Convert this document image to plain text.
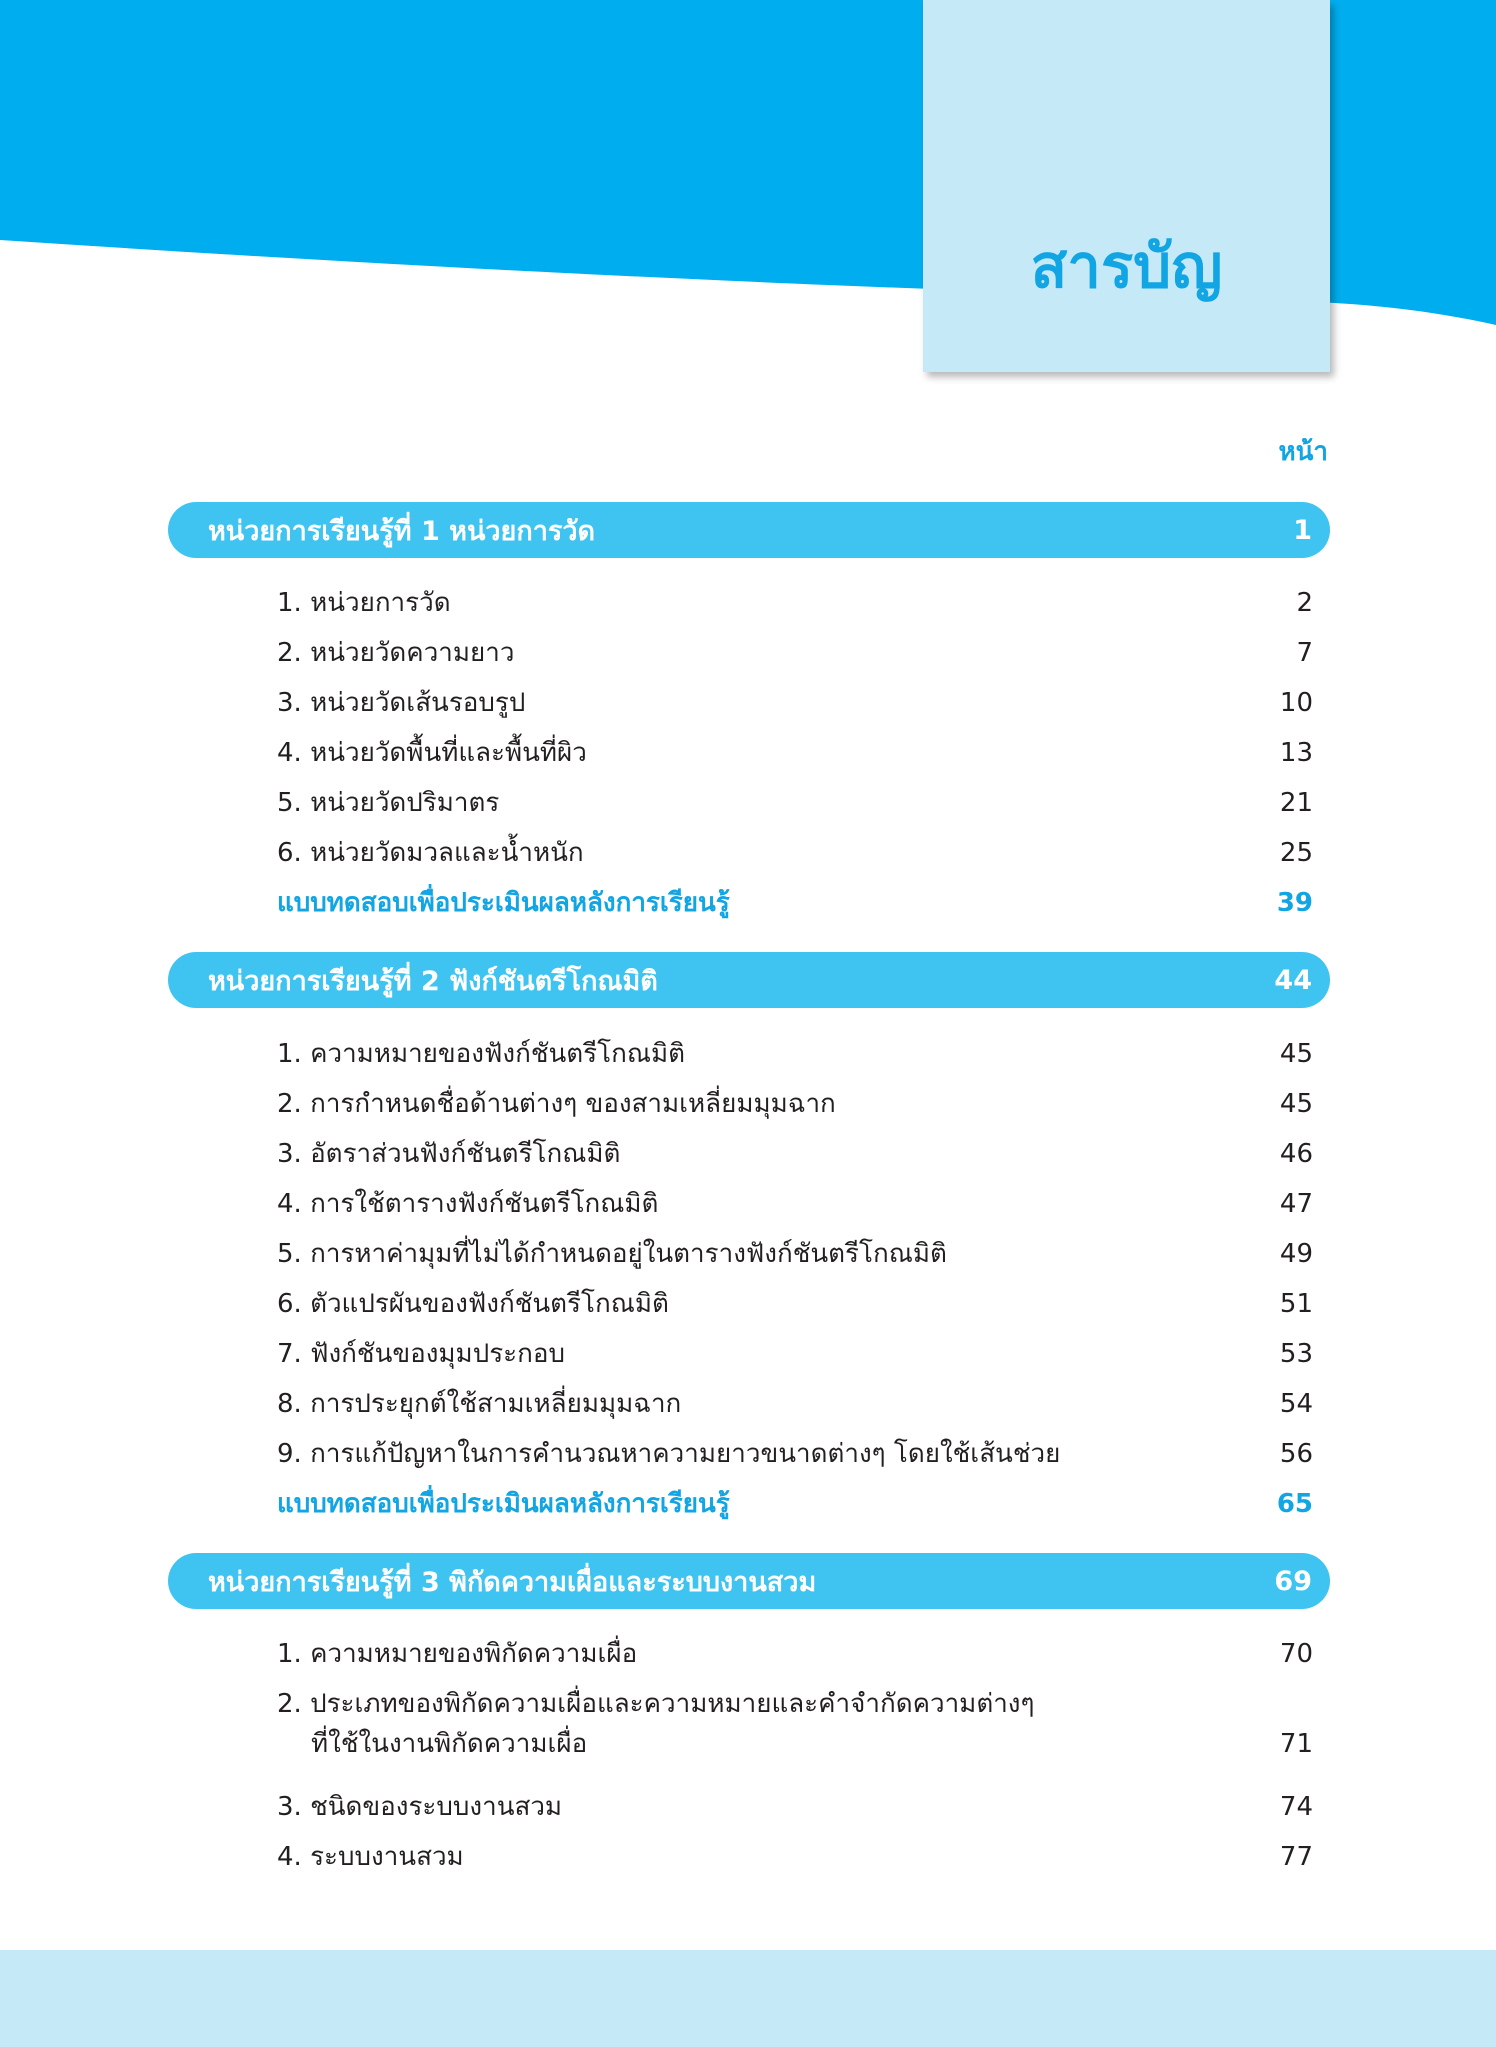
สารบัญ
หน้า
หน่วยการเรียนรู้ที่ 1 หน่วยการวัด	1
1. หน่วยการวัด	2
2. หน่วยวัดความยาว	7
3. หน่วยวัดเส้นรอบรูป	10
4. หน่วยวัดพื้นที่และพื้นที่ผิว	13
5. หน่วยวัดปริมาตร	21
6. หน่วยวัดมวลและน้ำหนัก	25
แบบทดสอบเพื่อประเมินผลหลังการเรียนรู้	39
หน่วยการเรียนรู้ที่ 2 ฟังก์ชันตรีโกณมิติ	44
1. ความหมายของฟังก์ชันตรีโกณมิติ	45
2. การกำหนดชื่อด้านต่างๆ ของสามเหลี่ยมมุมฉาก	45
3. อัตราส่วนฟังก์ชันตรีโกณมิติ	46
4. การใช้ตารางฟังก์ชันตรีโกณมิติ	47
5. การหาค่ามุมที่ไม่ได้กำหนดอยู่ในตารางฟังก์ชันตรีโกณมิติ	49
6. ตัวแปรผันของฟังก์ชันตรีโกณมิติ	51
7. ฟังก์ชันของมุมประกอบ	53
8. การประยุกต์ใช้สามเหลี่ยมมุมฉาก	54
9. การแก้ปัญหาในการคำนวณหาความยาวขนาดต่างๆ โดยใช้เส้นช่วย	56
แบบทดสอบเพื่อประเมินผลหลังการเรียนรู้	65
หน่วยการเรียนรู้ที่ 3 พิกัดความเผื่อและระบบงานสวม	69
1. ความหมายของพิกัดความเผื่อ	70
2. ประเภทของพิกัดความเผื่อและความหมายและคำจำกัดความต่างๆ
ที่ใช้ในงานพิกัดความเผื่อ	71
3. ชนิดของระบบงานสวม	74
4. ระบบงานสวม	77
